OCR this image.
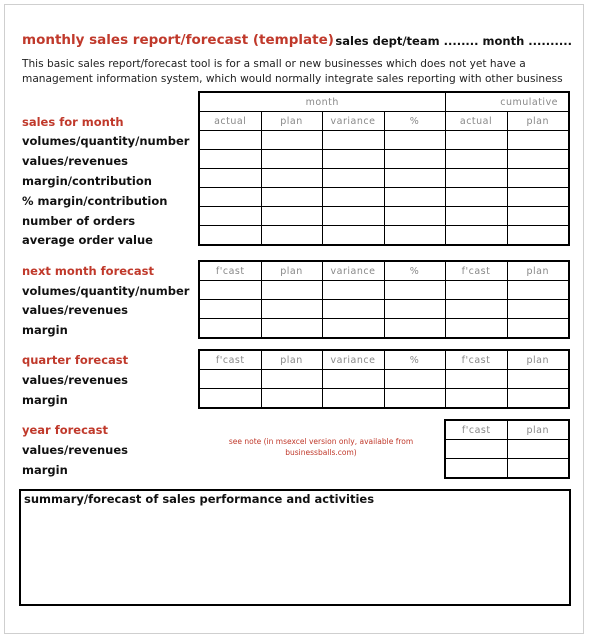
monthly sales report/forecast (template) sales dept/team ........ month ..........
This basic sales report/forecast tool is for a small or new businesses which does not yet have a
management information system, which would normally integrate sales reporting with other business
sales for month
volumes/quantity/number
values/revenues
margin/contribution
% margin/contribution
number of orders
average order value
month				cumulative	
actual	plan	variance	%	actual	plan

next month forecast
volumes/quantity/number
values/revenues
margin
f'cast	plan	variance	%	f'cast	plan

quarter forecast
values/revenues
margin
f'cast	plan	variance	%	f'cast	plan

year forecast
values/revenues
margin
see note (in msexcel version only, available from businessballs.com)
f'cast	plan

summary/forecast of sales performance and activities
